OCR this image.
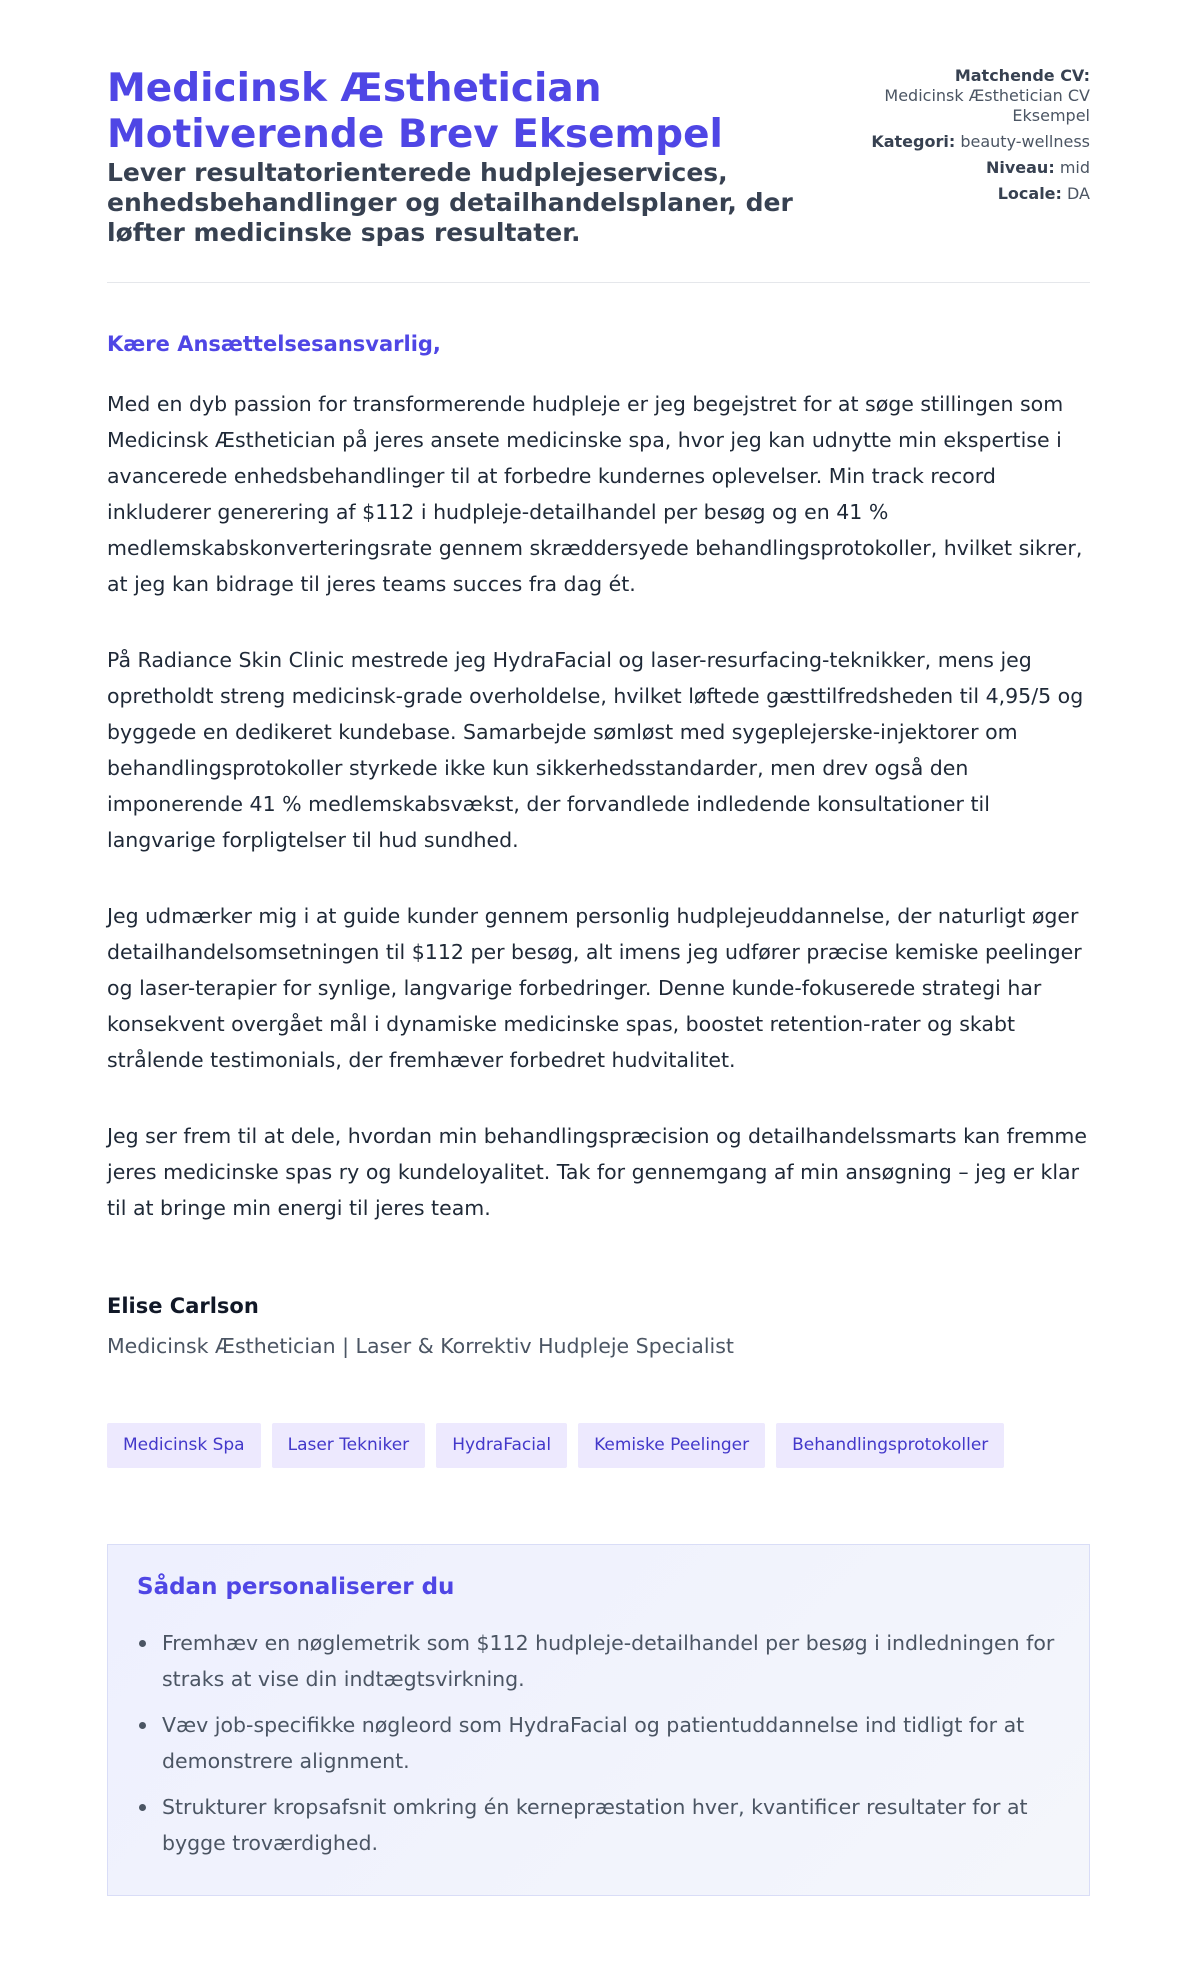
Medicinsk Æsthetician
Motiverende Brev Eksempel

Lever resultatorienterede hudplejeservices, enhedsbehandlinger og detailhandelsplaner, der løfter medicinske spas resultater.

Matchende CV:
Medicinsk Æsthetician CV Eksempel
Kategori: beauty-wellness
Niveau: mid
Locale: DA

Kære Ansættelsesansvarlig,

Med en dyb passion for transformerende hudpleje er jeg begejstret for at søge stillingen som Medicinsk Æsthetician på jeres ansete medicinske spa, hvor jeg kan udnytte min ekspertise i avancerede enhedsbehandlinger til at forbedre kundernes oplevelser. Min track record inkluderer generering af $112 i hudpleje-detailhandel per besøg og en 41 % medlemskabskonverteringsrate gennem skræddersyede behandlingsprotokoller, hvilket sikrer, at jeg kan bidrage til jeres teams succes fra dag ét.

På Radiance Skin Clinic mestrede jeg HydraFacial og laser-resurfacing-teknikker, mens jeg opretholdt streng medicinsk-grade overholdelse, hvilket løftede gæsttilfredsheden til 4,95/5 og byggede en dedikeret kundebase. Samarbejde sømløst med sygeplejerske-injektorer om behandlingsprotokoller styrkede ikke kun sikkerhedsstandarder, men drev også den imponerende 41 % medlemskabsvækst, der forvandlede indledende konsultationer til langvarige forpligtelser til hud sundhed.

Jeg udmærker mig i at guide kunder gennem personlig hudplejeuddannelse, der naturligt øger detailhandelsomsetningen til $112 per besøg, alt imens jeg udfører præcise kemiske peelinger og laser-terapier for synlige, langvarige forbedringer. Denne kunde-fokuserede strategi har konsekvent overgået mål i dynamiske medicinske spas, boostet retention-rater og skabt strålende testimonials, der fremhæver forbedret hudvitalitet.

Jeg ser frem til at dele, hvordan min behandlingspræcision og detailhandelssmarts kan fremme jeres medicinske spas ry og kundeloyalitet. Tak for gennemgang af min ansøgning – jeg er klar til at bringe min energi til jeres team.

Elise Carlson

Medicinsk Æsthetician | Laser & Korrektiv Hudpleje Specialist

Medicinsk Spa	Laser Tekniker	HydraFacial	Kemiske Peelinger	Behandlingsprotokoller
Sådan personaliserer du
Fremhæv en nøglemetrik som $112 hudpleje-detailhandel per besøg i indledningen for straks at vise din indtægtsvirkning.
Væv job-specifikke nøgleord som HydraFacial og patientuddannelse ind tidligt for at demonstrere alignment.
Strukturer kropsafsnit omkring én kernepræstation hver, kvantificer resultater for at bygge troværdighed.
